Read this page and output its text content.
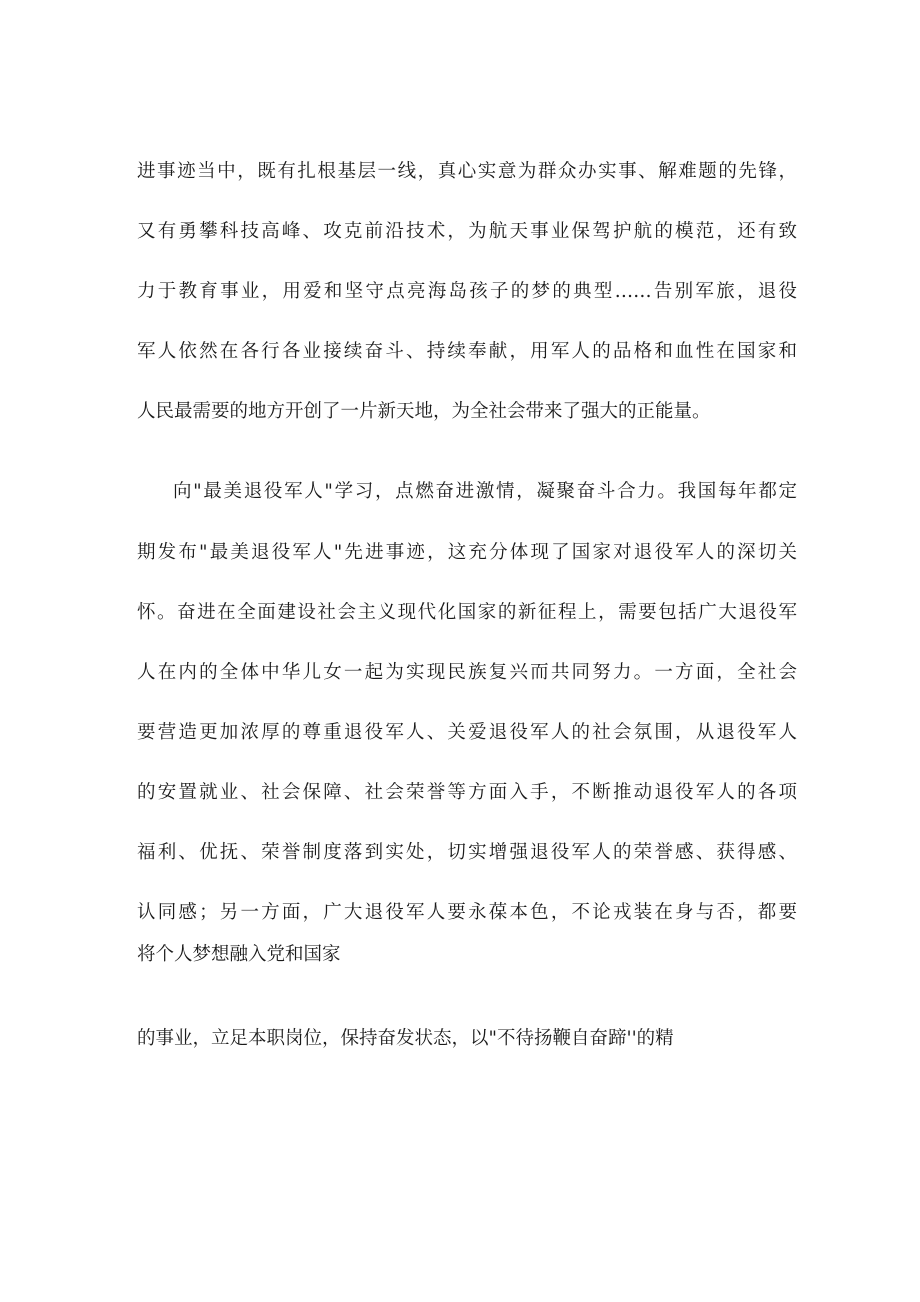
进事迹当中，既有扎根基层一线，真心实意为群众办实事、解难题的先锋，
又有勇攀科技高峰、攻克前沿技术，为航天事业保驾护航的模范，还有致
力于教育事业，用爱和坚守点亮海岛孩子的梦的典型……告别军旅，退役
军人依然在各行各业接续奋斗、持续奉献，用军人的品格和血性在国家和
人民最需要的地方开创了一片新天地，为全社会带来了强大的正能量。
向"最美退役军人"学习，点燃奋进激情，凝聚奋斗合力。我国每年都定
期发布"最美退役军人"先进事迹，这充分体现了国家对退役军人的深切关
怀。奋进在全面建设社会主义现代化国家的新征程上，需要包括广大退役军
人在内的全体中华儿女一起为实现民族复兴而共同努力。一方面，全社会
要营造更加浓厚的尊重退役军人、关爱退役军人的社会氛围，从退役军人
的安置就业、社会保障、社会荣誉等方面入手，不断推动退役军人的各项
福利、优抚、荣誉制度落到实处，切实增强退役军人的荣誉感、获得感、
认同感；另一方面，广大退役军人要永葆本色，不论戎装在身与否，都要
将个人梦想融入党和国家
的事业，立足本职岗位，保持奋发状态，以"不待扬鞭自奋蹄''的精
